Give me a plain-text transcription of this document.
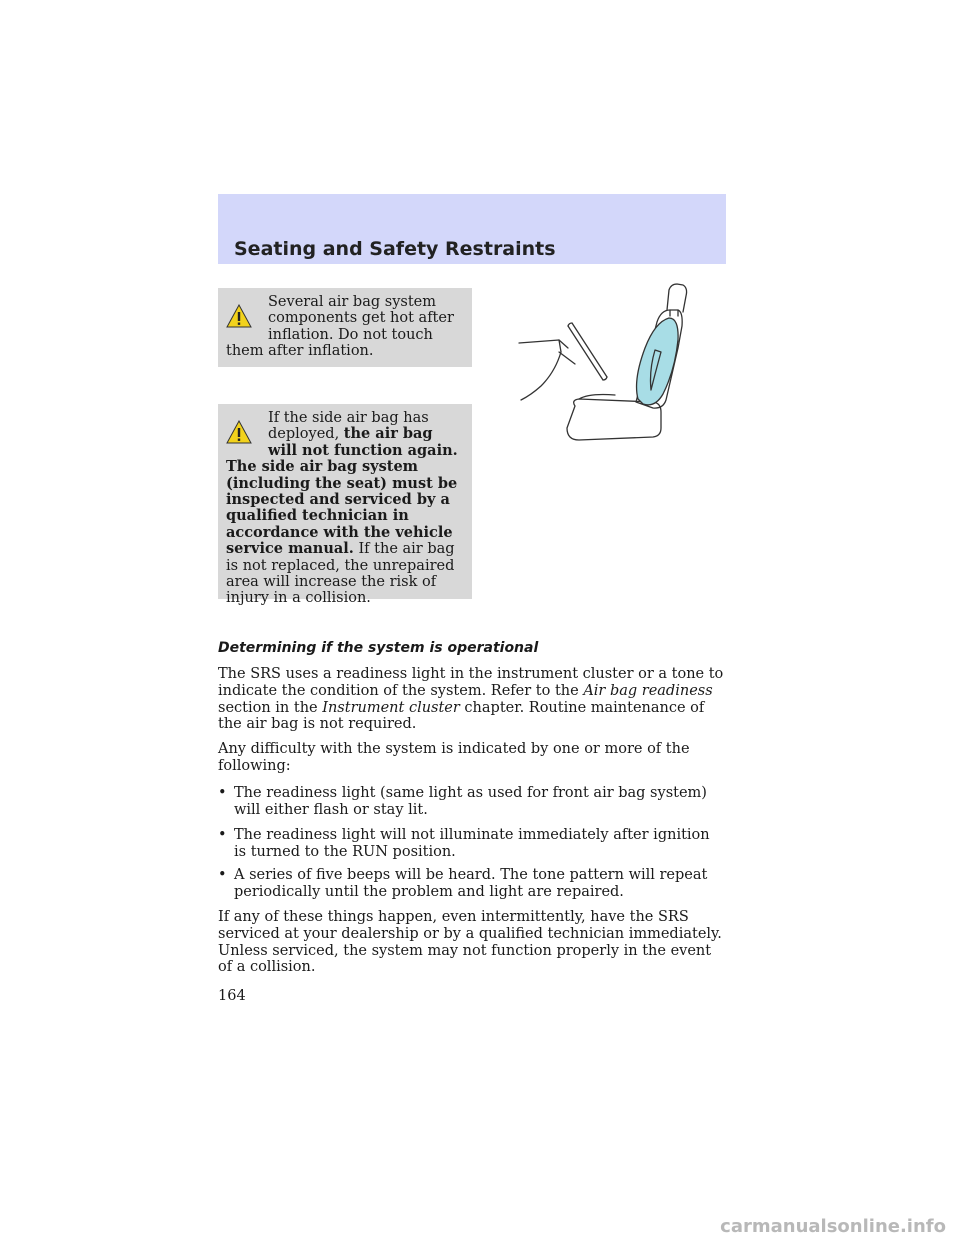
Seating and Safety Restraints
Several air bag system components get hot after inflation. Do not touch them after inflation.
If the side air bag has deployed, the air bag will not function again. The side air bag system (including the seat) must be inspected and serviced by a qualified technician in accordance with the vehicle service manual. If the air bag is not replaced, the unrepaired area will increase the risk of injury in a collision.
Determining if the system is operational
The SRS uses a readiness light in the instrument cluster or a tone to indicate the condition of the system. Refer to the Air bag readiness section in the Instrument cluster chapter. Routine maintenance of the air bag is not required.
Any difficulty with the system is indicated by one or more of the following:
• The readiness light (same light as used for front air bag system) will either flash or stay lit.
• The readiness light will not illuminate immediately after ignition is turned to the RUN position.
• A series of five beeps will be heard. The tone pattern will repeat periodically until the problem and light are repaired.
If any of these things happen, even intermittently, have the SRS serviced at your dealership or by a qualified technician immediately. Unless serviced, the system may not function properly in the event of a collision.
164
carmanualsonline.info
